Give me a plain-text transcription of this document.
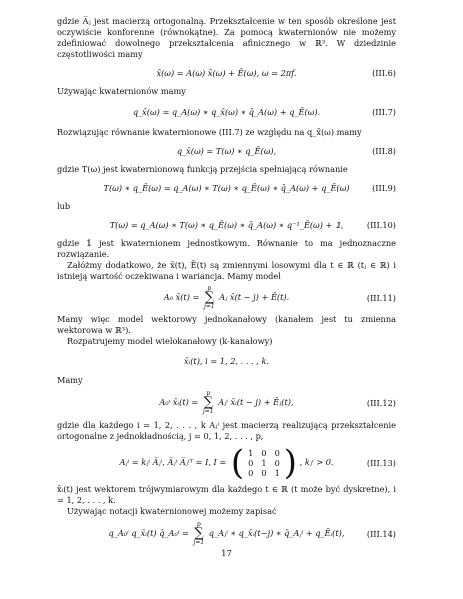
gdzie A̅ⱼ jest macierzą ortogonalną. Przekształcenie w ten sposób określone jest oczywiście konforenne (równokątne). Za pomocą kwaternionów nie możemy zdefiniować dowolnego przekształcenia afinicznego w ℝ³. W dziedzinie częstotliwości mamy

x̄(ω) = A(ω) x̄(ω) + Ē(ω), ω = 2πf.	(III.6)

Używając kwaternionów mamy

q_x̄(ω) = q_A(ω) ∗ q_x̄(ω) ∗ q̄_A(ω) + q_Ē(ω).	(III.7)

Rozwiązując równanie kwaternionowe (III.7) ze względu na q_x̄(ω) mamy

q_x̄(ω) = T(ω) ∗ q_Ē(ω),	(III.8)

gdzie T(ω) jest kwaternionową funkcją przejścia spełniającą równanie

T(ω) ∗ q_Ē(ω) = q_A(ω) ∗ T(ω) ∗ q_Ē(ω) ∗ q̄_A(ω) + q_Ē(ω)	(III.9)

lub

T(ω) = q_A(ω) ∗ T(ω) ∗ q_Ē(ω) ∗ q̄_A(ω) ∗ q⁻¹_Ē(ω) + 𝟙,	(III.10)

gdzie 𝟙 jest kwaternionem jednostkowym. Równanie to ma jednoznaczne rozwiązanie.

Załóżmy dodatkowo, że x̄(t), Ē(t) są zmiennymi losowymi dla t ∈ ℝ (tⱼ ∈ ℝ) i istnieją wartość oczekiwana i wariancja. Mamy model

A₀ x̄(t) =
p
∑
j=1
Aⱼ x̄(t − j) + Ē(t).	(III.11)

Mamy więc model wektorowy jednokanałowy (kanałem jest tu zmienna wektorowa w ℝ³).

Rozpatrujemy model wielokanałowy (k-kanałowy)

x̄ᵢ(t), i = 1, 2, . . . , k.

Mamy

A₀ⁱ x̄ᵢ(t) =
p
∑
j=1
Aⱼⁱ x̄ᵢ(t − j) + Ēⱼ(t),	(III.12)

gdzie dla każdego i = 1, 2, . . . , k Aⱼⁱ jest macierzą realizującą przekształcenie ortogonalne z jednokładnością, j = 0, 1, 2, . . . , p,

Aⱼⁱ = kⱼⁱ A̅ⱼⁱ, A̅ⱼⁱ A̅ⱼⁱᵀ = I, I = ( 1	0	0
0	1	0
0	0	1 ) , kⱼⁱ > 0.	(III.13)

x̄ᵢ(t) jest wektorem trójwymiarowym dla każdego t ∈ ℝ (t może być dyskretne), i = 1, 2, . . . , k.

Używając notacji kwaternionowej możemy zapisać

q_A₀ⁱ q_x̄ᵢ(t) q̄_A₀ⁱ =
p
∑
j=1
q_Aⱼⁱ ∗ q_x̄ᵢ(t−j) ∗ q̄_Aⱼⁱ + q_Ēᵢ(t),	(III.14)
17
